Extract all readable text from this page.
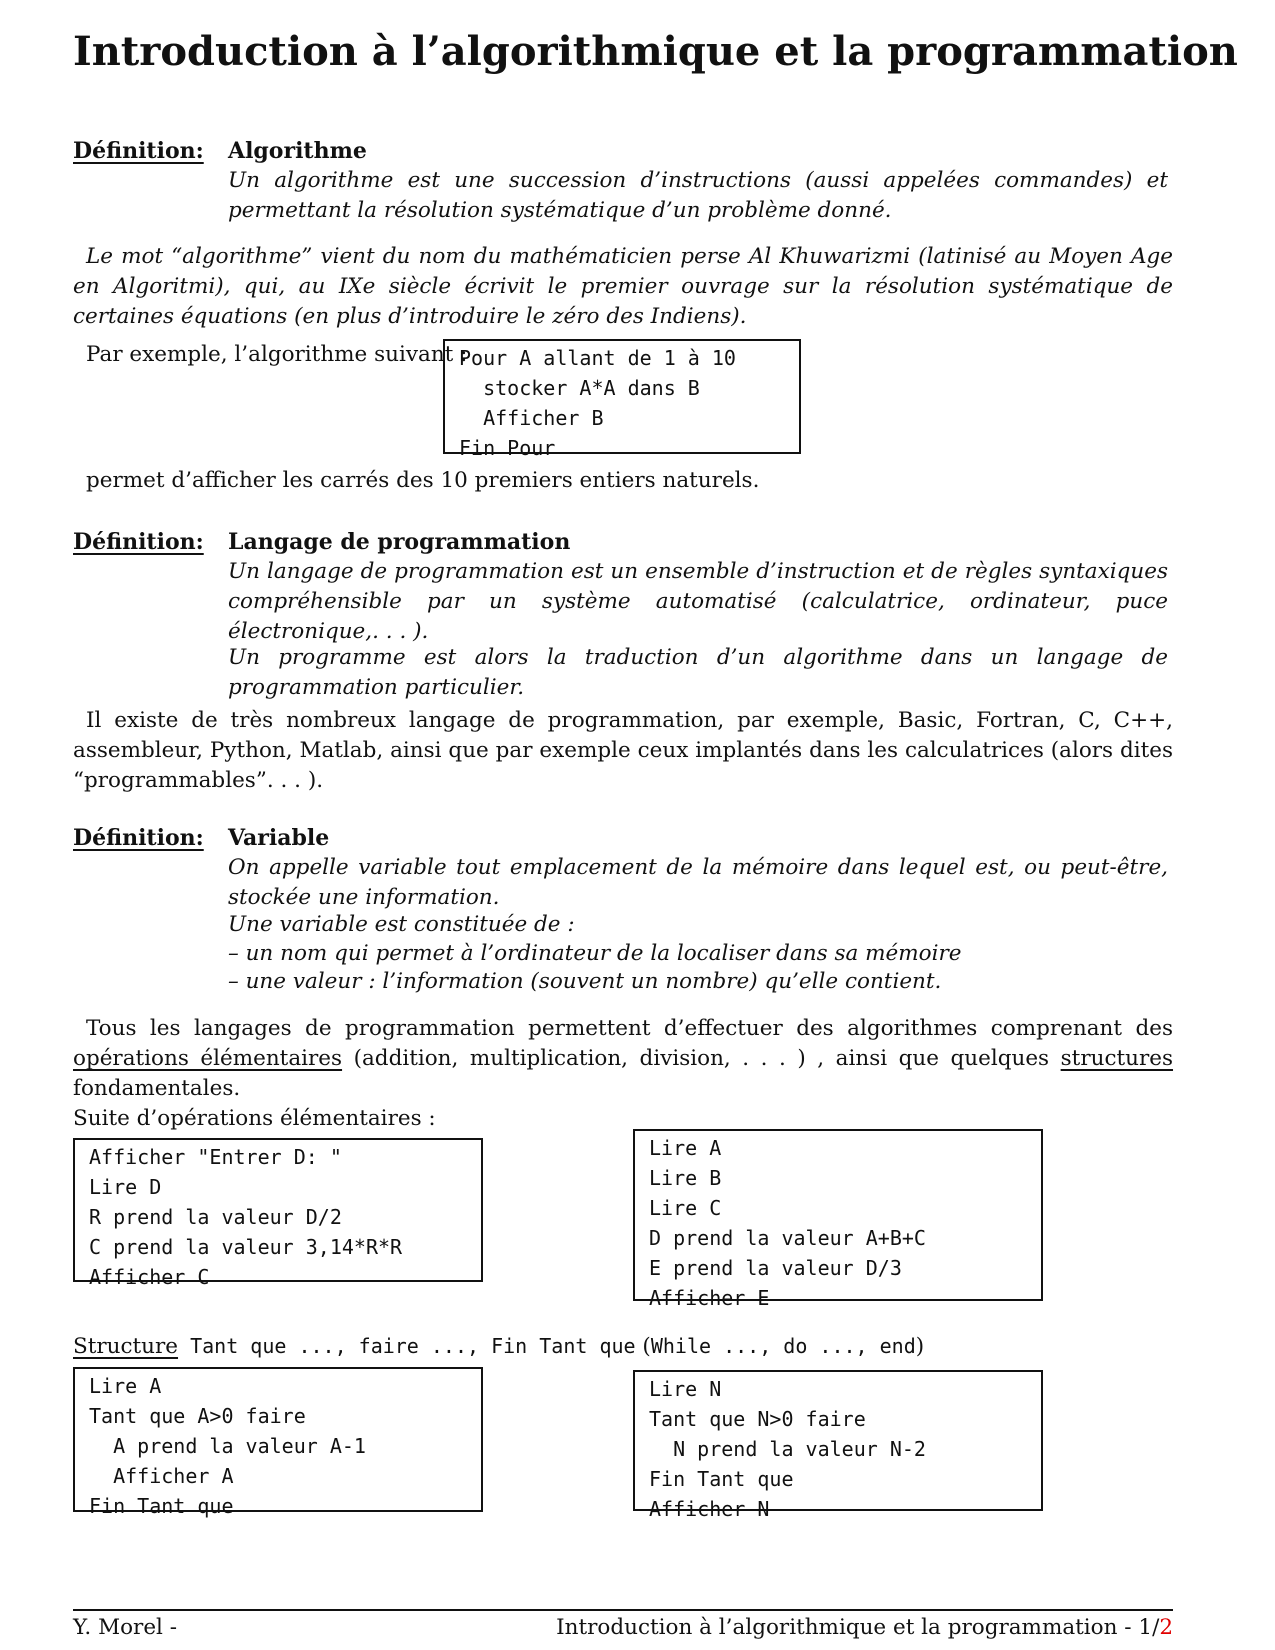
Introduction à l’algorithmique et la programmation
Définition: Algorithme
Un algorithme est une succession d’instructions (aussi appelées commandes) et permettant la résolution systématique d’un problème donné.
Le mot “algorithme” vient du nom du mathématicien perse Al Khuwarizmi (latinisé au Moyen Age en Algoritmi), qui, au IXe siècle écrivit le premier ouvrage sur la résolution systématique de certaines équations (en plus d’introduire le zéro des Indiens).
Par exemple, l’algorithme suivant :
Pour A allant de 1 à 10
stocker A*A dans B
Afficher B
Fin Pour
permet d’afficher les carrés des 10 premiers entiers naturels.
Définition: Langage de programmation
Un langage de programmation est un ensemble d’instruction et de règles syntaxiques compréhensible par un système automatisé (calculatrice, ordinateur, puce électronique,. . . ).
Un programme est alors la traduction d’un algorithme dans un langage de programmation particulier.
Il existe de très nombreux langage de programmation, par exemple, Basic, Fortran, C, C++, assembleur, Python, Matlab, ainsi que par exemple ceux implantés dans les calculatrices (alors dites “programmables”. . . ).
Définition: Variable
On appelle variable tout emplacement de la mémoire dans lequel est, ou peut-être, stockée une information.
Une variable est constituée de :
– un nom qui permet à l’ordinateur de la localiser dans sa mémoire
– une valeur : l’information (souvent un nombre) qu’elle contient.
Tous les langages de programmation permettent d’effectuer des algorithmes comprenant des opérations élémentaires (addition, multiplication, division, . . . ) , ainsi que quelques structures fondamentales.
Suite d’opérations élémentaires :
Afficher "Entrer D: "
Lire D
R prend la valeur D/2
C prend la valeur 3,14*R*R
Afficher C
Lire A
Lire B
Lire C
D prend la valeur A+B+C
E prend la valeur D/3
Afficher E
Structure Tant que ..., faire ..., Fin Tant que (While ..., do ..., end)
Lire A
Tant que A>0 faire
A prend la valeur A-1
Afficher A
Fin Tant que
Lire N
Tant que N>0 faire
N prend la valeur N-2
Fin Tant que
Afficher N
Y. Morel -	Introduction à l’algorithmique et la programmation - 1/2
